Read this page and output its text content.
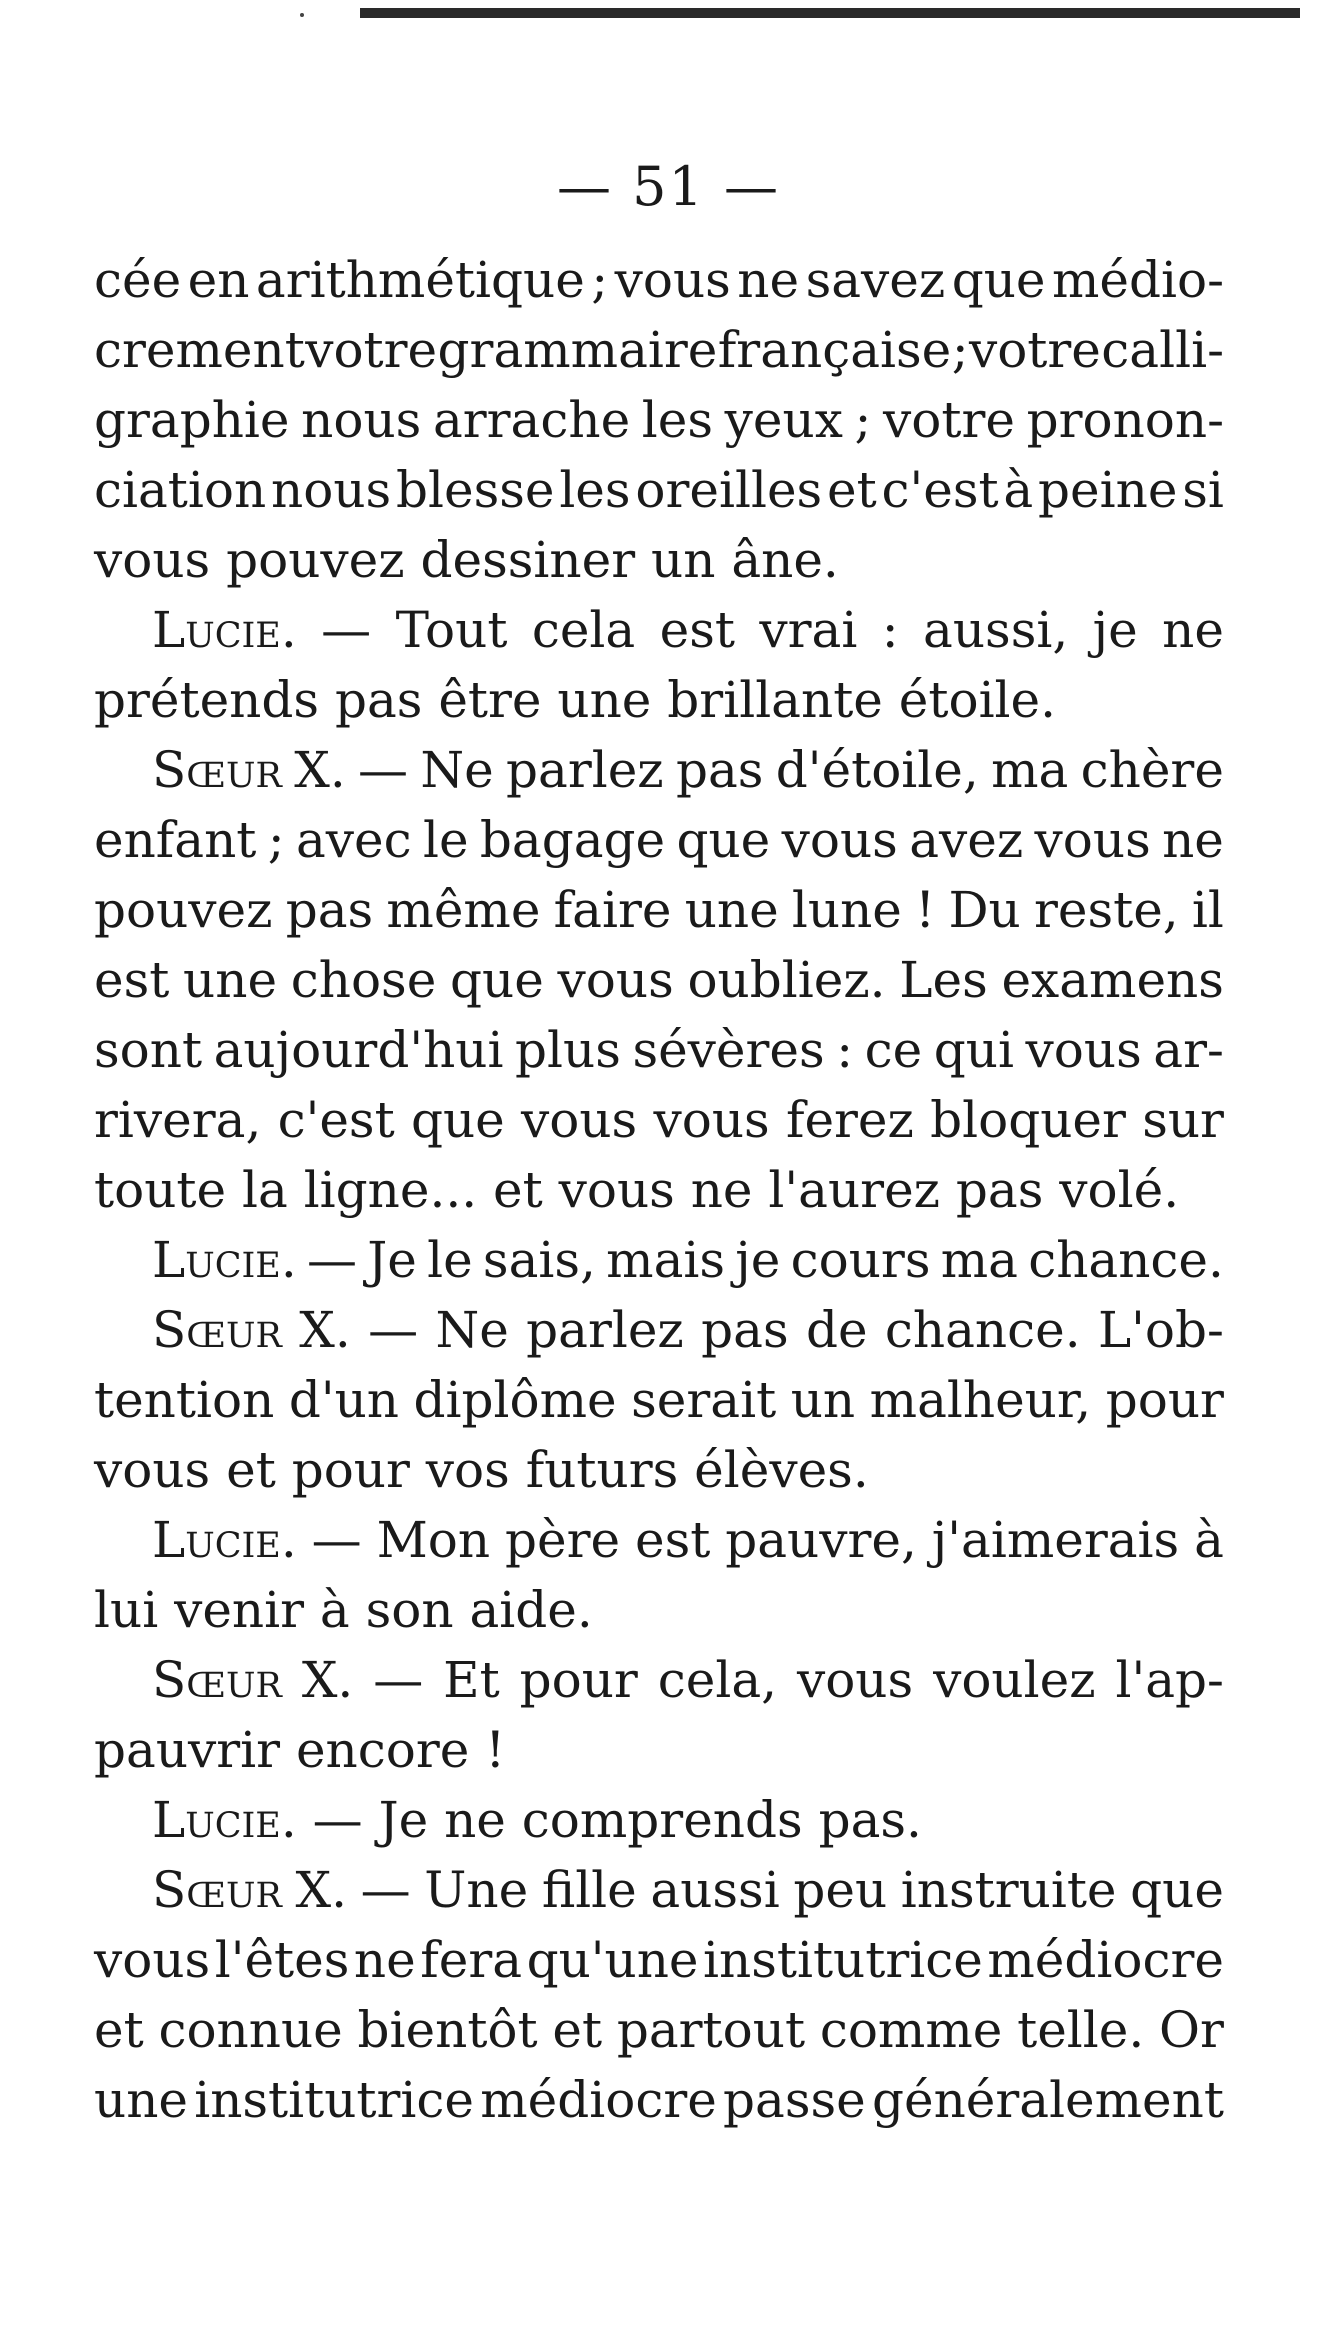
— 51 —
cée en arithmétique ; vous ne savez que médio-
crement votre grammaire française ; votre calli-
graphie nous arrache les yeux ; votre pronon-
ciation nous blesse les oreilles et c'est à peine si
vous pouvez dessiner un âne.
Lucie. — Tout cela est vrai : aussi, je ne
prétends pas être une brillante étoile.
Sœur X. — Ne parlez pas d'étoile, ma chère
enfant ; avec le bagage que vous avez vous ne
pouvez pas même faire une lune ! Du reste, il
est une chose que vous oubliez. Les examens
sont aujourd'hui plus sévères : ce qui vous ar-
rivera, c'est que vous vous ferez bloquer sur
toute la ligne... et vous ne l'aurez pas volé.
Lucie. — Je le sais, mais je cours ma chance.
Sœur X. — Ne parlez pas de chance. L'ob-
tention d'un diplôme serait un malheur, pour
vous et pour vos futurs élèves.
Lucie. — Mon père est pauvre, j'aimerais à
lui venir à son aide.
Sœur X. — Et pour cela, vous voulez l'ap-
pauvrir encore !
Lucie. — Je ne comprends pas.
Sœur X. — Une fille aussi peu instruite que
vous l'êtes ne fera qu'une institutrice médiocre
et connue bientôt et partout comme telle. Or
une institutrice médiocre passe généralement
